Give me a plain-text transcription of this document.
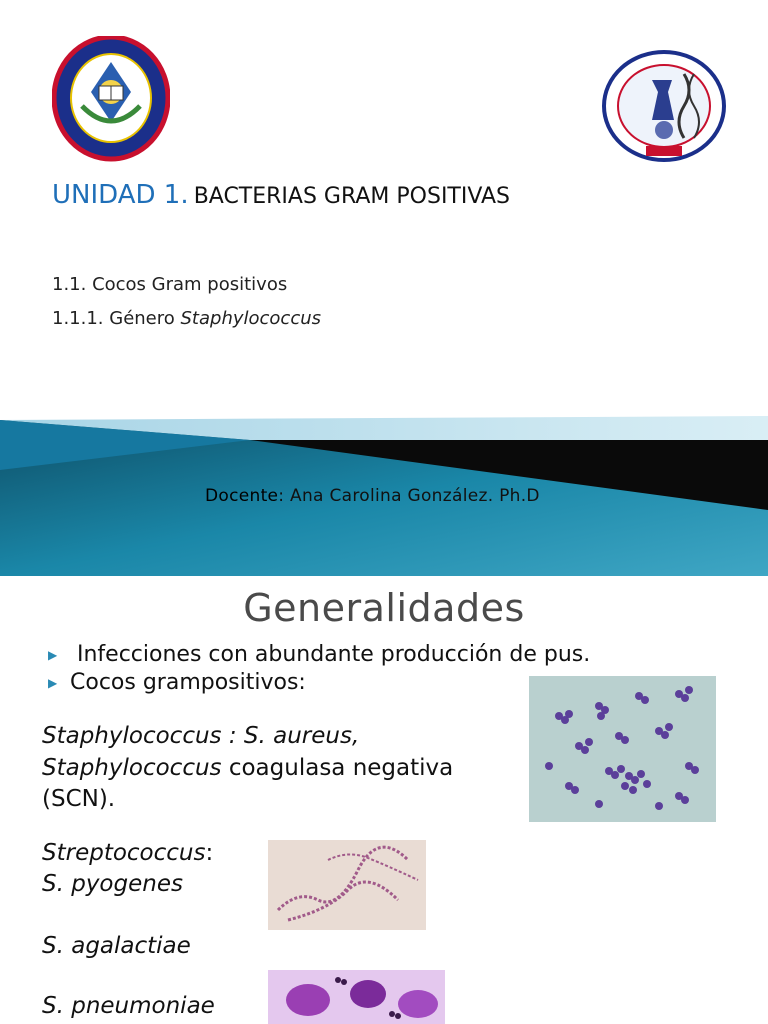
UNIDAD 1. BACTERIAS GRAM POSITIVAS
1.1. Cocos Gram positivos
1.1.1. Género Staphylococcus
Docente: Ana Carolina González. Ph.D
Generalidades
▶ Infecciones con abundante producción de pus.
▶ Cocos grampositivos:
Staphylococcus : S. aureus,
Staphylococcus coagulasa negativa
(SCN).
Streptococcus:
S. pyogenes
S. agalactiae
S. pneumoniae
